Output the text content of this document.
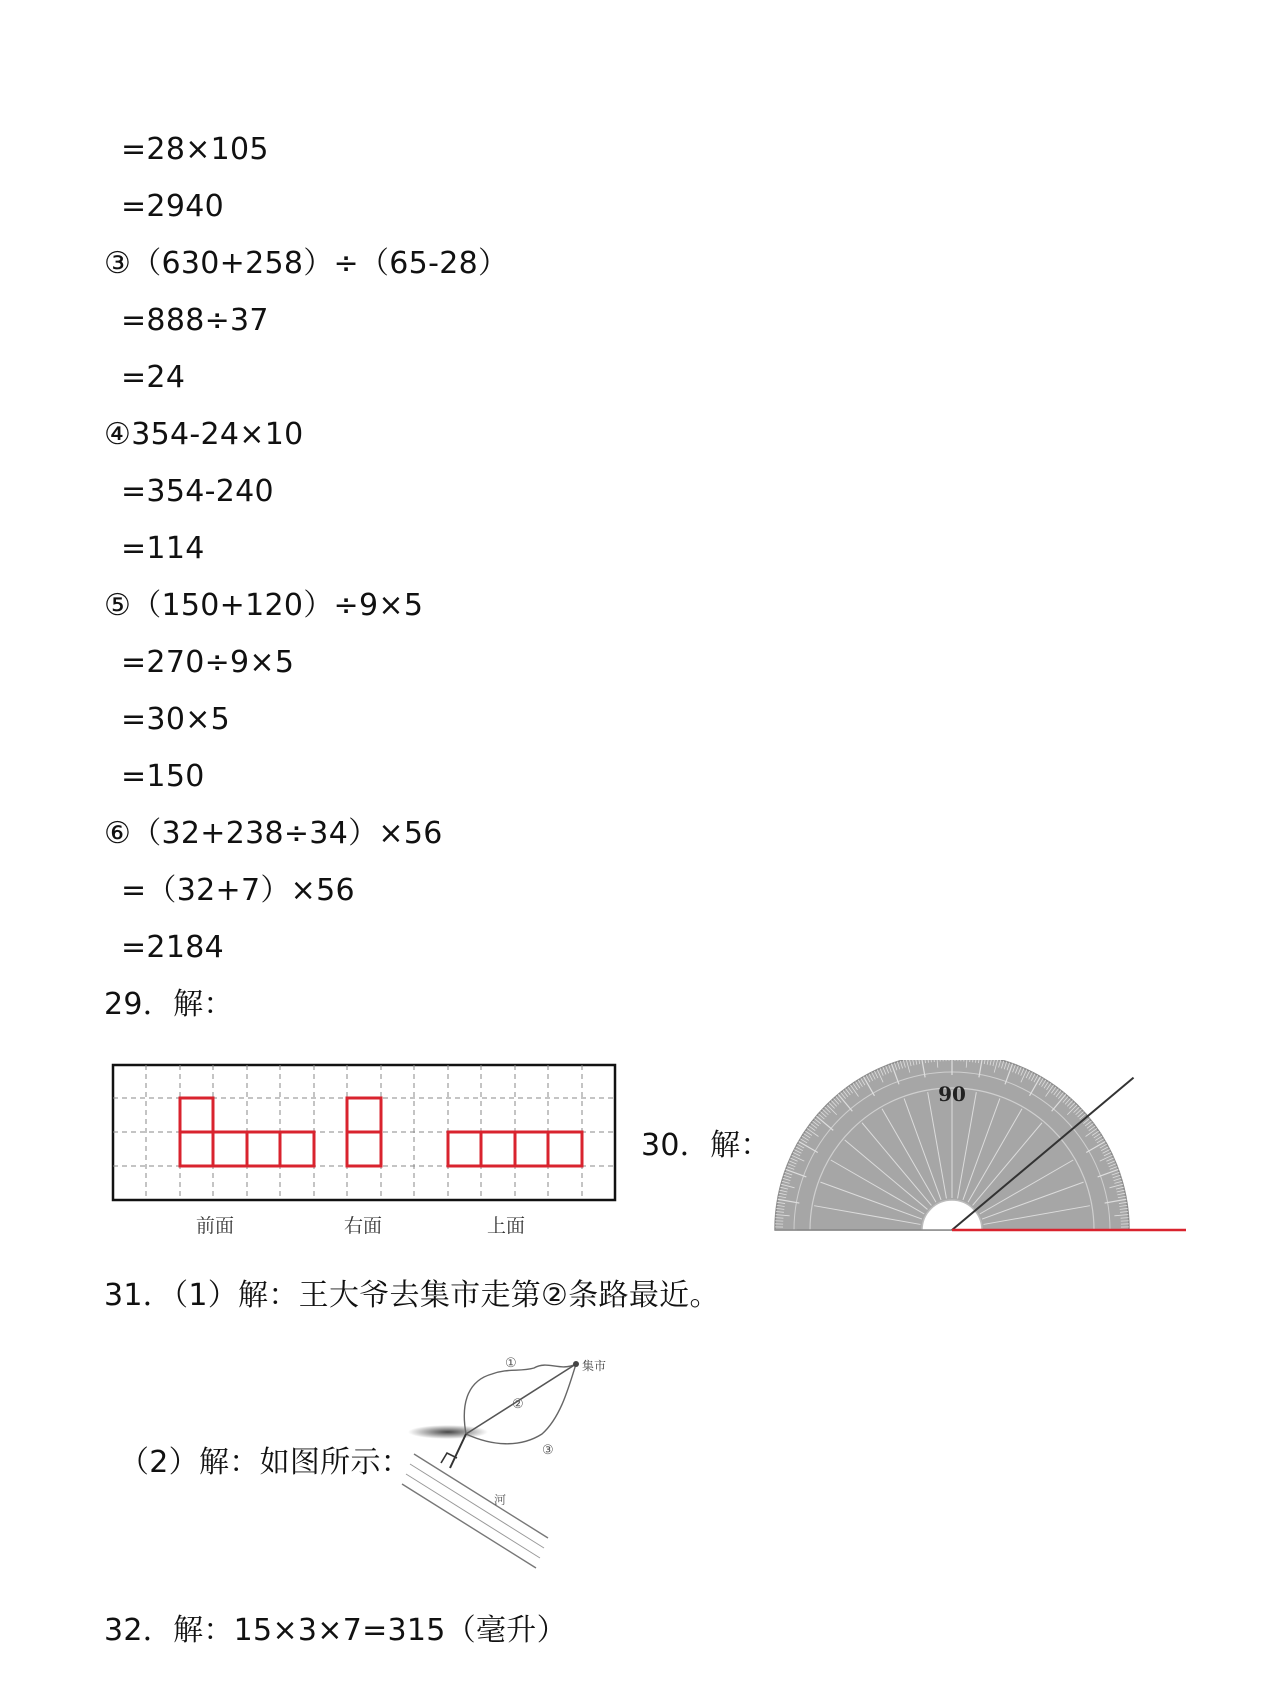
=28×105
=2940
③（630+258）÷（65-28）
=888÷37
=24
④354-24×10
=354-240
=114
⑤（150+120）÷9×5
=270÷9×5
=30×5
=150
⑥（32+238÷34）×56
=（32+7）×56
=2184
29．解：
前面	右面	上面
30．解：
90
31．（1）解：王大爷去集市走第②条路最近。
（2）解：如图所示：
①
②
③
集市
河
32．解：15×3×7=315（毫升）
